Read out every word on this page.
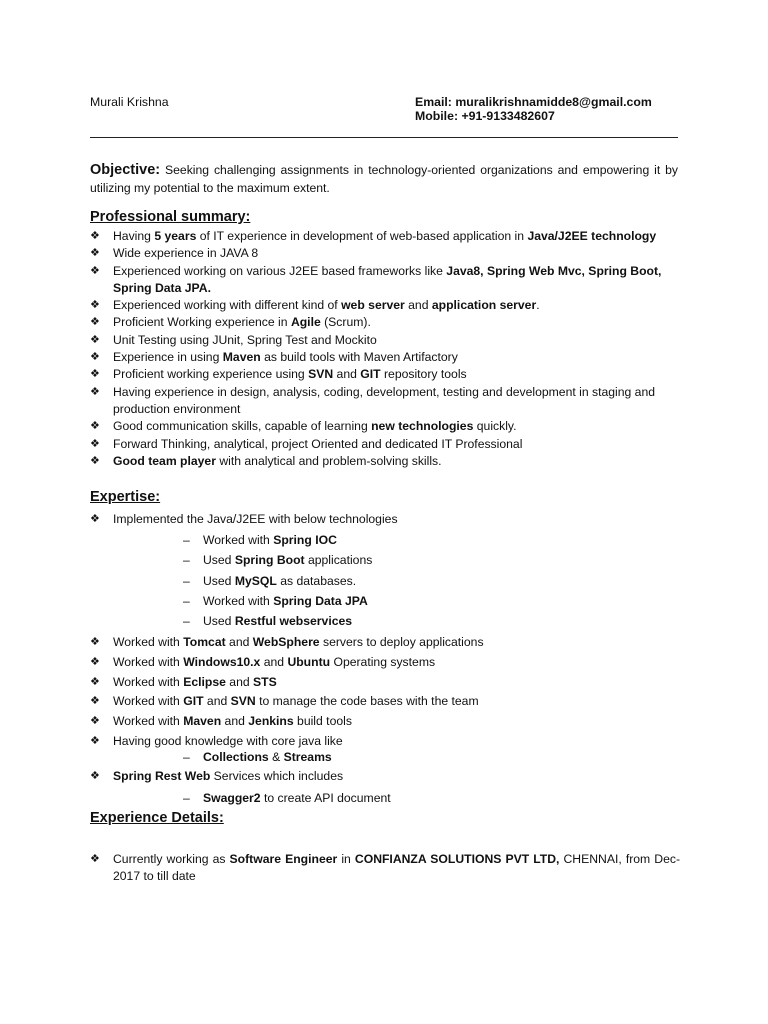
Murali Krishna	Email: muralikrishnamidde8@gmail.com
Mobile: +91-9133482607
Objective: Seeking challenging assignments in technology-oriented organizations and empowering it by utilizing my potential to the maximum extent.
Professional summary:
❖	Having 5 years of IT experience in development of web-based application in Java/J2EE technology
❖	Wide experience in JAVA 8
❖	Experienced working on various J2EE based frameworks like Java8, Spring Web Mvc, Spring Boot, Spring Data JPA.
❖	Experienced working with different kind of web server and application server.
❖	Proficient Working experience in Agile (Scrum).
❖	Unit Testing using JUnit, Spring Test and Mockito
❖	Experience in using Maven as build tools with Maven Artifactory
❖	Proficient working experience using SVN and GIT repository tools
❖	Having experience in design, analysis, coding, development, testing and development in staging and production environment
❖	Good communication skills, capable of learning new technologies quickly.
❖	Forward Thinking, analytical, project Oriented and dedicated IT Professional
❖	Good team player with analytical and problem-solving skills.
Expertise:
❖	Implemented the Java/J2EE with below technologies
– Worked with Spring IOC
– Used Spring Boot applications
– Used MySQL as databases.
– Worked with Spring Data JPA
– Used Restful webservices
❖	Worked with Tomcat and WebSphere servers to deploy applications
❖	Worked with Windows10.x and Ubuntu Operating systems
❖	Worked with Eclipse and STS
❖	Worked with GIT and SVN to manage the code bases with the team
❖	Worked with Maven and Jenkins build tools
❖	Having good knowledge with core java like
– Collections & Streams
❖	Spring Rest Web Services which includes
– Swagger2 to create API document
Experience Details:
❖	Currently working as Software Engineer in CONFIANZA SOLUTIONS PVT LTD, CHENNAI, from Dec-2017 to till date
